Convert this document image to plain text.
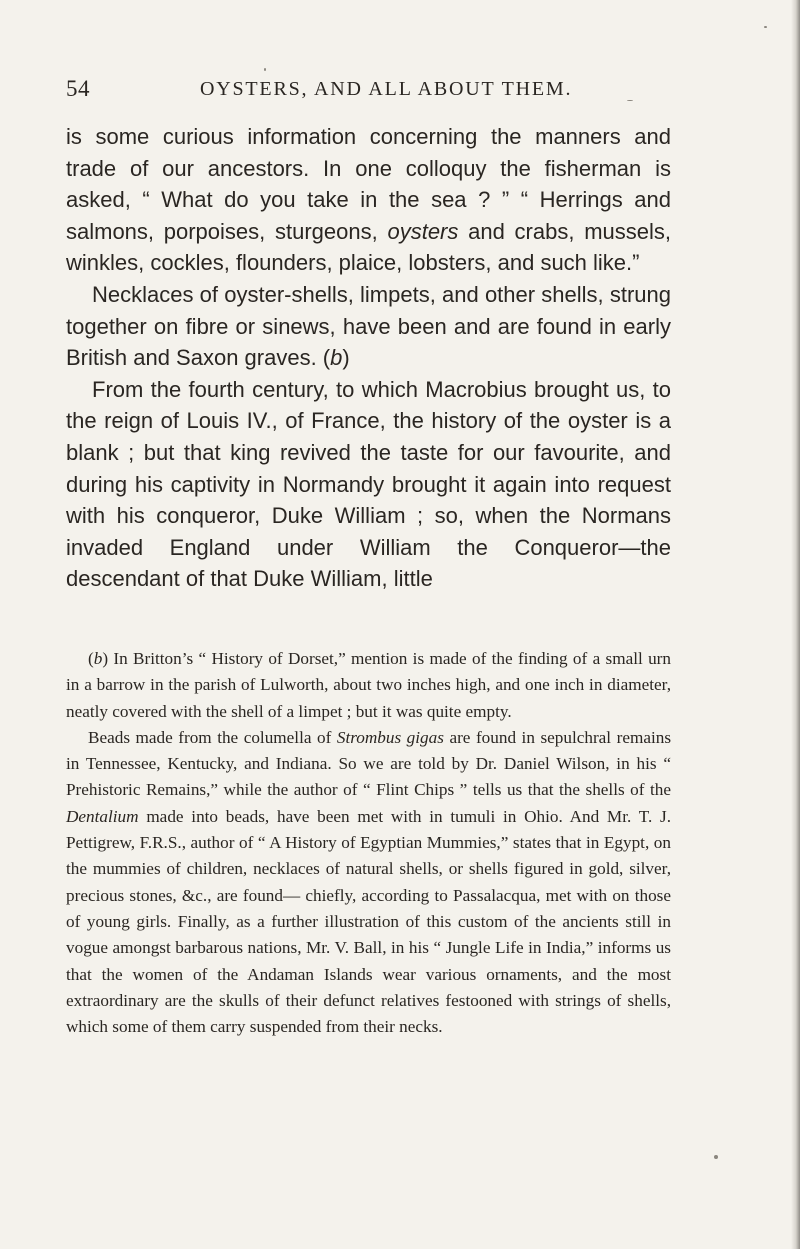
54	OYSTERS, AND ALL ABOUT THEM.

is some curious information concerning the manners and trade of our ancestors. In one colloquy the fisherman is asked, “ What do you take in the sea ? ” “ Herrings and salmons, porpoises, sturgeons, oysters and crabs, mussels, winkles, cockles, flounders, plaice, lobsters, and such like.”

Necklaces of oyster-shells, limpets, and other shells, strung together on fibre or sinews, have been and are found in early British and Saxon graves. (b)

From the fourth century, to which Macrobius brought us, to the reign of Louis IV., of France, the history of the oyster is a blank ; but that king revived the taste for our favourite, and during his captivity in Normandy brought it again into request with his conqueror, Duke William ; so, when the Normans invaded England under William the Conqueror—the descendant of that Duke William, little

(b) In Britton’s “ History of Dorset,” mention is made of the finding of a small urn in a barrow in the parish of Lulworth, about two inches high, and one inch in diameter, neatly covered with the shell of a limpet ; but it was quite empty.

Beads made from the columella of Strombus gigas are found in sepulchral remains in Tennessee, Kentucky, and Indiana. So we are told by Dr. Daniel Wilson, in his “ Prehistoric Remains,” while the author of “ Flint Chips ” tells us that the shells of the Dentalium made into beads, have been met with in tumuli in Ohio. And Mr. T. J. Pettigrew, F.R.S., author of “ A History of Egyptian Mummies,” states that in Egypt, on the mummies of children, necklaces of natural shells, or shells figured in gold, silver, precious stones, &c., are found— chiefly, according to Passalacqua, met with on those of young girls. Finally, as a further illustration of this custom of the ancients still in vogue amongst barbarous nations, Mr. V. Ball, in his “ Jungle Life in India,” informs us that the women of the Andaman Islands wear various ornaments, and the most extraordinary are the skulls of their defunct relatives festooned with strings of shells, which some of them carry suspended from their necks.
